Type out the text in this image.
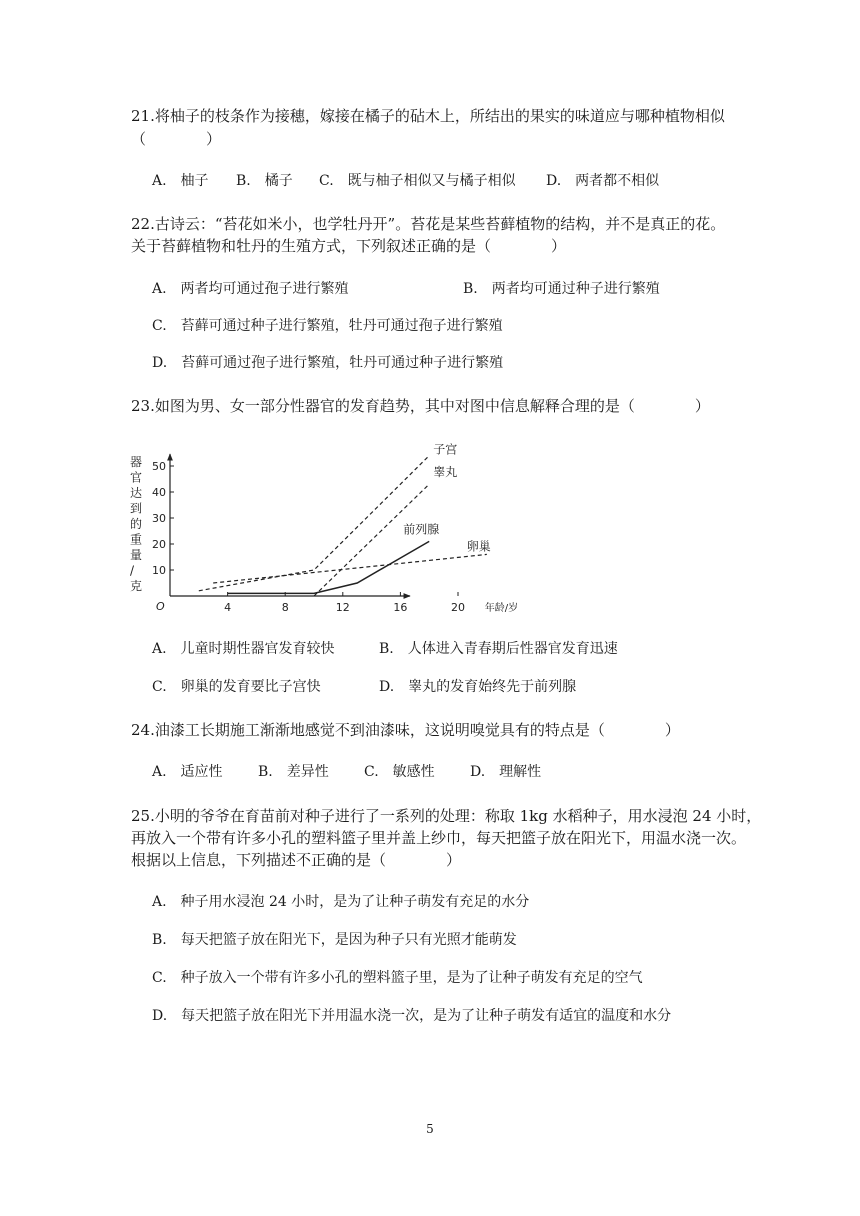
21.将柚子的枝条作为接穗，嫁接在橘子的砧木上，所结出的果实的味道应与哪种植物相似
（　　　　）
A.　柚子 B.　橘子 C.　既与柚子相似又与橘子相似 D.　两者都不相似
22.古诗云：“苔花如米小，也学牡丹开”。苔花是某些苔藓植物的结构，并不是真正的花。
关于苔藓植物和牡丹的生殖方式，下列叙述正确的是（　　　　）
A.　两者均可通过孢子进行繁殖	B.　两者均可通过种子进行繁殖
C.　苔藓可通过种子进行繁殖，牡丹可通过孢子进行繁殖
D.　苔藓可通过孢子进行繁殖，牡丹可通过种子进行繁殖
23.如图为男、女一部分性器官的发育趋势，其中对图中信息解释合理的是（　　　　）
4	8	12	16	20
10
20
30
40
50
O
器
官
达
到
的
重
量
/
克
年龄/岁
子宫
睾丸
前列腺
卵巢
A.　儿童时期性器官发育较快	B.　人体进入青春期后性器官发育迅速
C.　卵巢的发育要比子宫快	D.　睾丸的发育始终先于前列腺
24.油漆工长期施工渐渐地感觉不到油漆味，这说明嗅觉具有的特点是（　　　　）
A.　适应性	B.　差异性	C.　敏感性	D.　理解性
25.小明的爷爷在育苗前对种子进行了一系列的处理：称取 1kg 水稻种子，用水浸泡 24 小时，
再放入一个带有许多小孔的塑料篮子里并盖上纱巾，每天把篮子放在阳光下，用温水浇一次。
根据以上信息，下列描述不正确的是（　　　　）
A.　种子用水浸泡 24 小时，是为了让种子萌发有充足的水分
B.　每天把篮子放在阳光下，是因为种子只有光照才能萌发
C.　种子放入一个带有许多小孔的塑料篮子里，是为了让种子萌发有充足的空气
D.　每天把篮子放在阳光下并用温水浇一次，是为了让种子萌发有适宜的温度和水分
5
